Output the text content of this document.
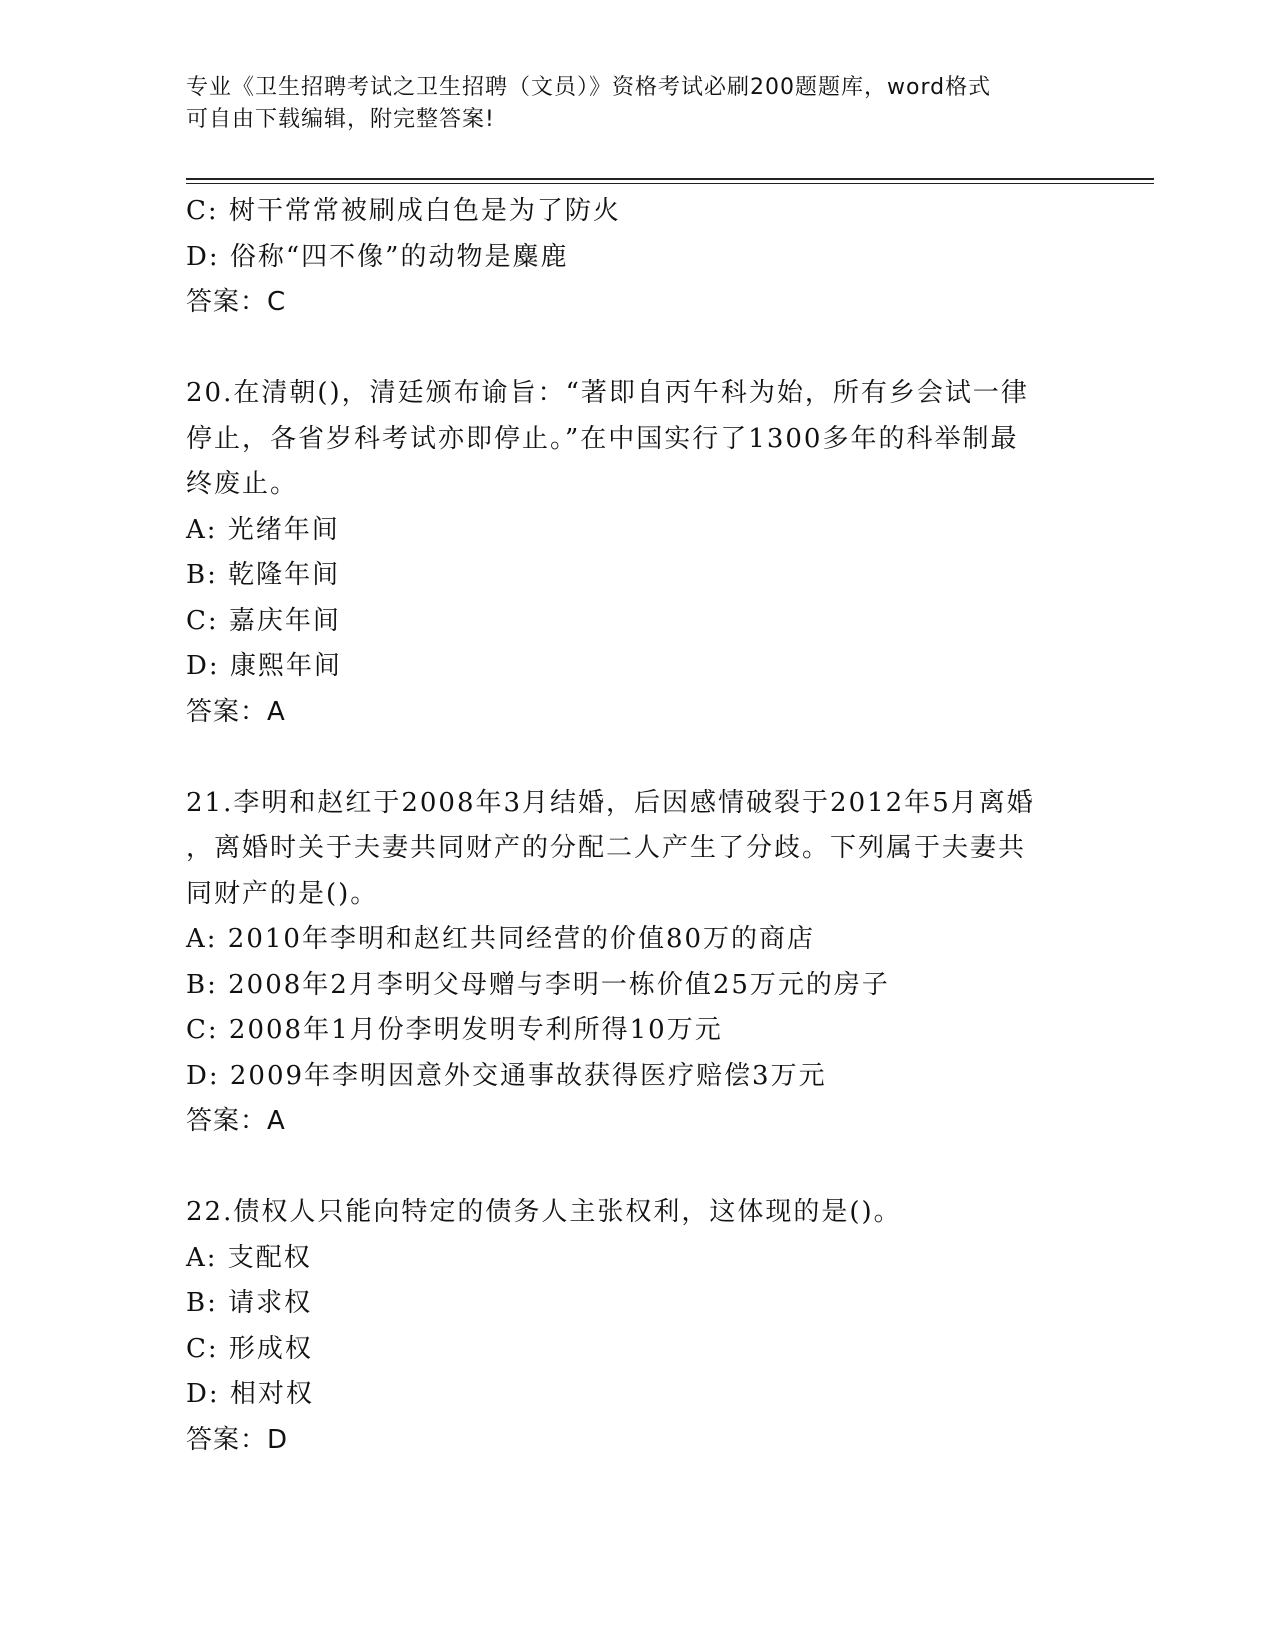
专业《卫生招聘考试之卫生招聘（文员）》资格考试必刷200题题库，word格式
可自由下载编辑，附完整答案!
C: 树干常常被刷成白色是为了防火
D: 俗称“四不像”的动物是麋鹿
答案：C
20.在清朝()，清廷颁布谕旨：“著即自丙午科为始，所有乡会试一律
停止，各省岁科考试亦即停止。”在中国实行了1300多年的科举制最
终废止。
A: 光绪年间
B: 乾隆年间
C: 嘉庆年间
D: 康熙年间
答案：A
21.李明和赵红于2008年3月结婚，后因感情破裂于2012年5月离婚
，离婚时关于夫妻共同财产的分配二人产生了分歧。下列属于夫妻共
同财产的是()。
A: 2010年李明和赵红共同经营的价值80万的商店
B: 2008年2月李明父母赠与李明一栋价值25万元的房子
C: 2008年1月份李明发明专利所得10万元
D: 2009年李明因意外交通事故获得医疗赔偿3万元
答案：A
22.债权人只能向特定的债务人主张权利，这体现的是()。
A: 支配权
B: 请求权
C: 形成权
D: 相对权
答案：D
